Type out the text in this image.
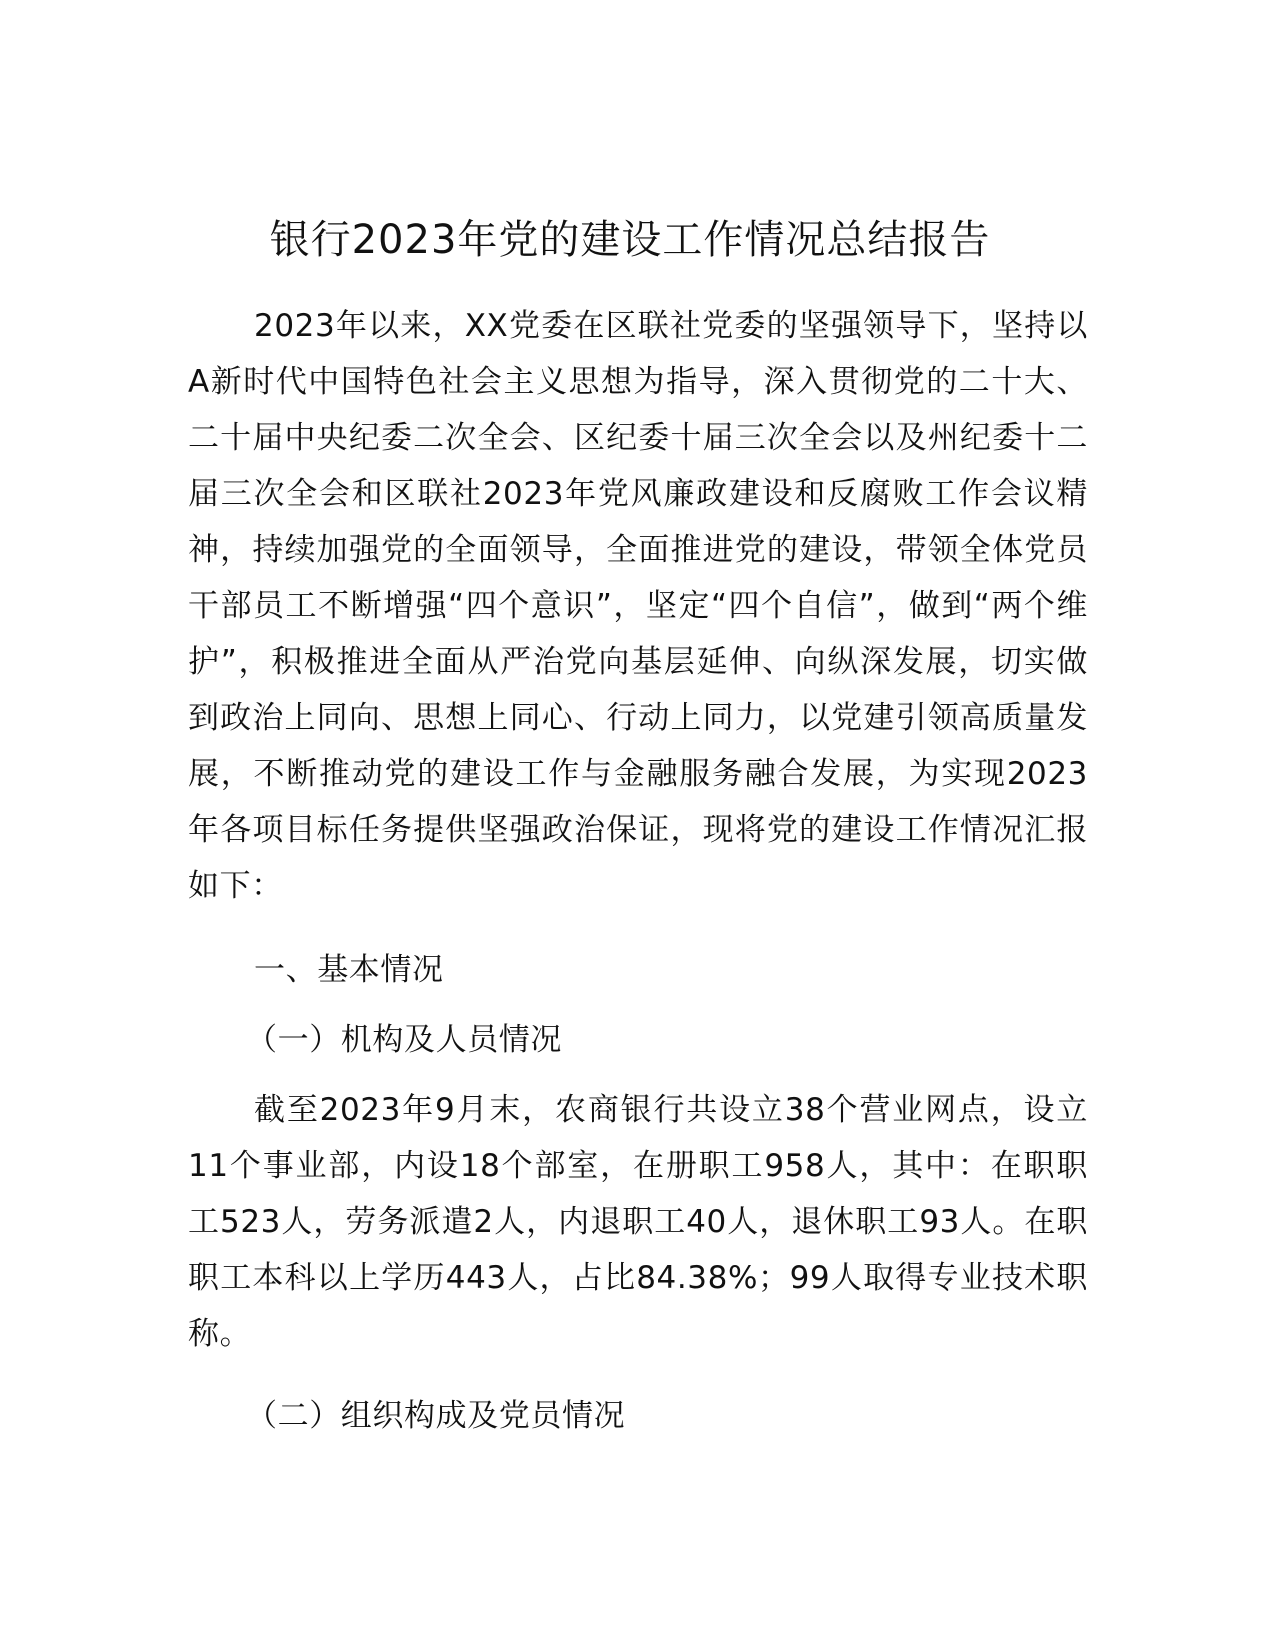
银行2023年党的建设工作情况总结报告

2023年以来，XX党委在区联社党委的坚强领导下，坚持以A新时代中国特色社会主义思想为指导，深入贯彻党的二十大、二十届中央纪委二次全会、区纪委十届三次全会以及州纪委十二届三次全会和区联社2023年党风廉政建设和反腐败工作会议精神，持续加强党的全面领导，全面推进党的建设，带领全体党员干部员工不断增强“四个意识”，坚定“四个自信”，做到“两个维护”，积极推进全面从严治党向基层延伸、向纵深发展，切实做到政治上同向、思想上同心、行动上同力，以党建引领高质量发展，不断推动党的建设工作与金融服务融合发展，为实现2023年各项目标任务提供坚强政治保证，现将党的建设工作情况汇报如下：

一、基本情况

（一）机构及人员情况

截至2023年9月末，农商银行共设立38个营业网点，设立11个事业部，内设18个部室，在册职工958人，其中：在职职工523人，劳务派遣2人，内退职工40人，退休职工93人。在职职工本科以上学历443人，占比84.38%；99人取得专业技术职称。

（二）组织构成及党员情况
